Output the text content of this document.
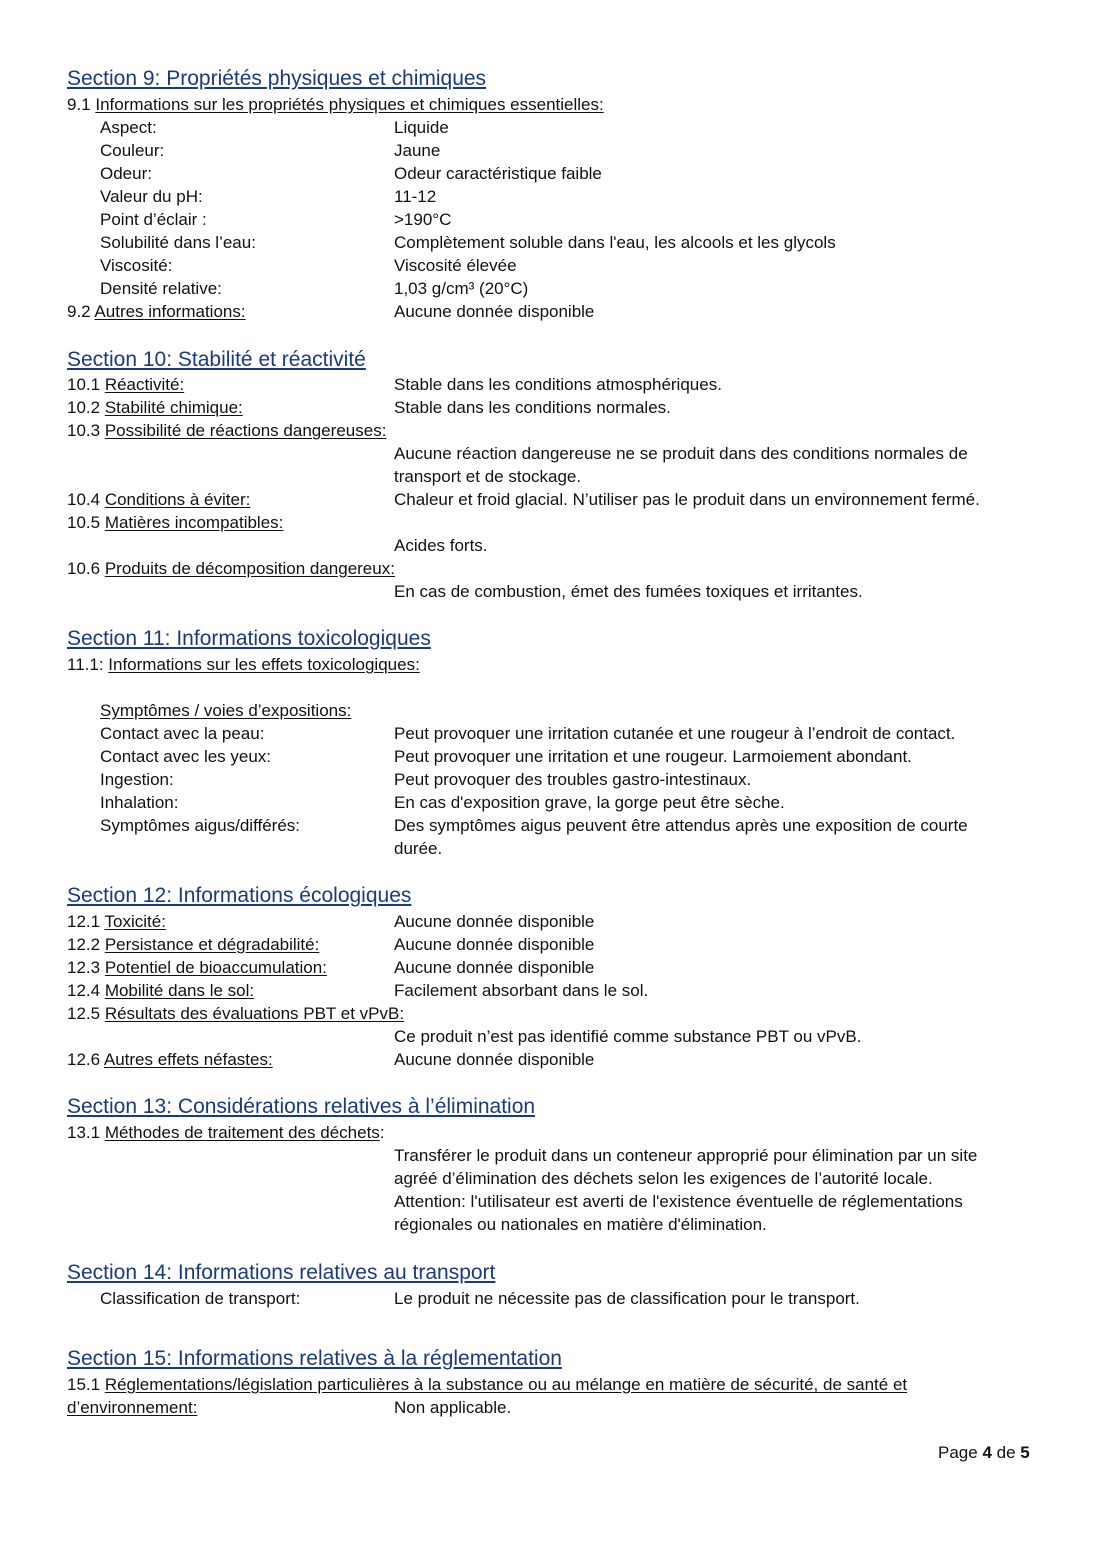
Section 9: Propriétés physiques et chimiques
9.1 Informations sur les propriétés physiques et chimiques essentielles:
Aspect:	Liquide
Couleur:	Jaune
Odeur:	Odeur caractéristique faible
Valeur du pH:	11-12
Point d’éclair :	>190°C
Solubilité dans l’eau:	Complètement soluble dans l'eau, les alcools et les glycols
Viscosité:	Viscosité élevée
Densité relative:	1,03 g/cm³ (20°C)
9.2 Autres informations:	Aucune donnée disponible
Section 10: Stabilité et réactivité
10.1 Réactivité:	Stable dans les conditions atmosphériques.
10.2 Stabilité chimique:	Stable dans les conditions normales.
10.3 Possibilité de réactions dangereuses:
Aucune réaction dangereuse ne se produit dans des conditions normales de
transport et de stockage.
10.4 Conditions à éviter:	Chaleur et froid glacial. N’utiliser pas le produit dans un environnement fermé.
10.5 Matières incompatibles:
Acides forts.
10.6 Produits de décomposition dangereux:
En cas de combustion, émet des fumées toxiques et irritantes.
Section 11: Informations toxicologiques
11.1: Informations sur les effets toxicologiques:
Symptômes / voies d’expositions:
Contact avec la peau:	Peut provoquer une irritation cutanée et une rougeur à l’endroit de contact.
Contact avec les yeux:	Peut provoquer une irritation et une rougeur. Larmoiement abondant.
Ingestion:	Peut provoquer des troubles gastro-intestinaux.
Inhalation:	En cas d'exposition grave, la gorge peut être sèche.
Symptômes aigus/différés:	Des symptômes aigus peuvent être attendus après une exposition de courte
durée.
Section 12: Informations écologiques
12.1 Toxicité:	Aucune donnée disponible
12.2 Persistance et dégradabilité:	Aucune donnée disponible
12.3 Potentiel de bioaccumulation:	Aucune donnée disponible
12.4 Mobilité dans le sol:	Facilement absorbant dans le sol.
12.5 Résultats des évaluations PBT et vPvB:
Ce produit n’est pas identifié comme substance PBT ou vPvB.
12.6 Autres effets néfastes:	Aucune donnée disponible
Section 13: Considérations relatives à l’élimination
13.1 Méthodes de traitement des déchets:
Transférer le produit dans un conteneur approprié pour élimination par un site
agréé d’élimination des déchets selon les exigences de l’autorité locale.
Attention: l'utilisateur est averti de l'existence éventuelle de réglementations
régionales ou nationales en matière d'élimination.
Section 14: Informations relatives au transport
Classification de transport:	Le produit ne nécessite pas de classification pour le transport.
Section 15: Informations relatives à la réglementation
15.1 Réglementations/législation particulières à la substance ou au mélange en matière de sécurité, de santé et
d’environnement:	Non applicable.
Page 4 de 5
